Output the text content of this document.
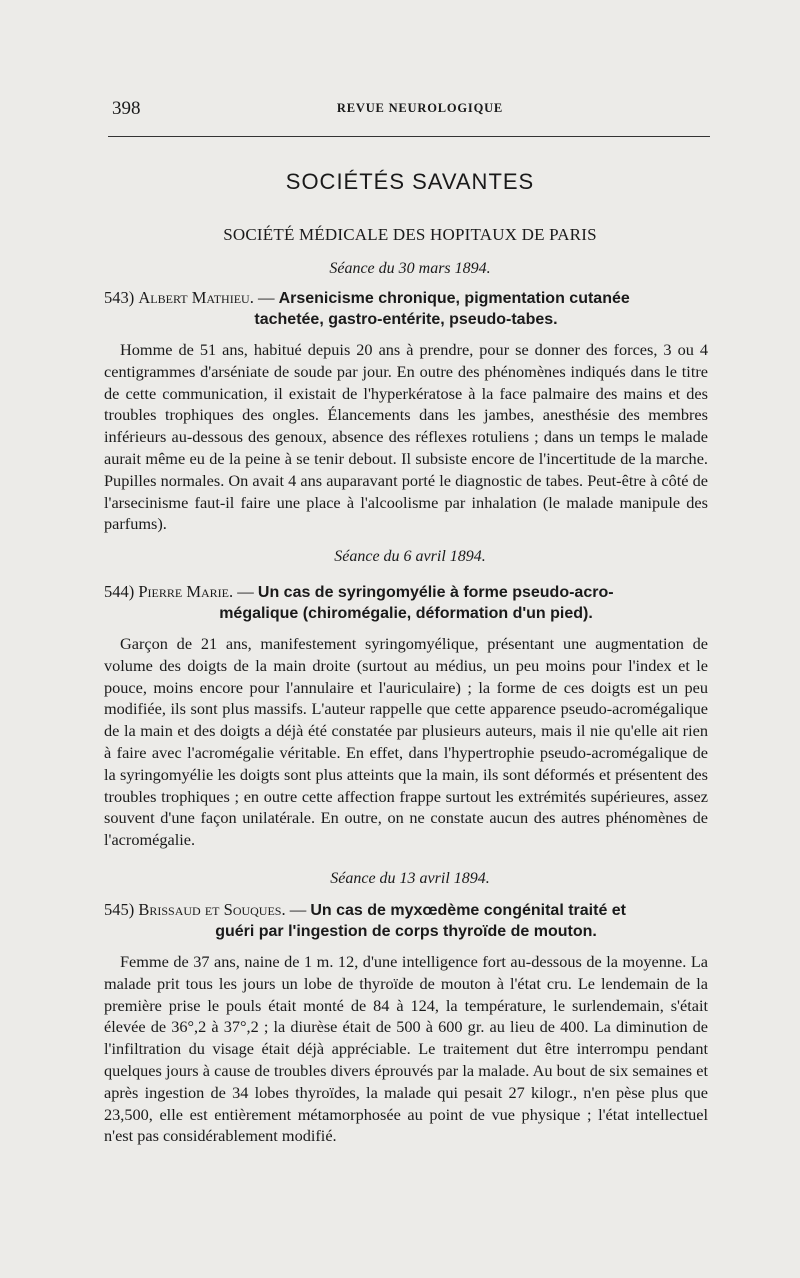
398	REVUE NEUROLOGIQUE
SOCIÉTÉS SAVANTES
SOCIÉTÉ MÉDICALE DES HOPITAUX DE PARIS
Séance du 30 mars 1894.
543) Albert Mathieu. — Arsenicisme chronique, pigmentation cutanée
tachetée, gastro-entérite, pseudo-tabes.
Homme de 51 ans, habitué depuis 20 ans à prendre, pour se donner des forces, 3 ou 4 centigrammes d'arséniate de soude par jour. En outre des phénomènes indiqués dans le titre de cette communication, il existait de l'hyperkératose à la face palmaire des mains et des troubles trophiques des ongles. Élancements dans les jambes, anesthésie des membres inférieurs au-dessous des genoux, absence des réflexes rotuliens ; dans un temps le malade aurait même eu de la peine à se tenir debout. Il subsiste encore de l'incertitude de la marche. Pupilles normales. On avait 4 ans auparavant porté le diagnostic de tabes. Peut-être à côté de l'arsecinisme faut-il faire une place à l'alcoolisme par inhalation (le malade manipule des parfums).
Séance du 6 avril 1894.
544) Pierre Marie. — Un cas de syringomyélie à forme pseudo-acro-
mégalique (chiromégalie, déformation d'un pied).
Garçon de 21 ans, manifestement syringomyélique, présentant une augmentation de volume des doigts de la main droite (surtout au médius, un peu moins pour l'index et le pouce, moins encore pour l'annulaire et l'auriculaire) ; la forme de ces doigts est un peu modifiée, ils sont plus massifs. L'auteur rappelle que cette apparence pseudo-acromégalique de la main et des doigts a déjà été constatée par plusieurs auteurs, mais il nie qu'elle ait rien à faire avec l'acromégalie véritable. En effet, dans l'hypertrophie pseudo-acromégalique de la syringomyélie les doigts sont plus atteints que la main, ils sont déformés et présentent des troubles trophiques ; en outre cette affection frappe surtout les extrémités supérieures, assez souvent d'une façon unilatérale. En outre, on ne constate aucun des autres phénomènes de l'acromégalie.
Séance du 13 avril 1894.
545) Brissaud et Souques. — Un cas de myxœdème congénital traité et
guéri par l'ingestion de corps thyroïde de mouton.
Femme de 37 ans, naine de 1 m. 12, d'une intelligence fort au-dessous de la moyenne. La malade prit tous les jours un lobe de thyroïde de mouton à l'état cru. Le lendemain de la première prise le pouls était monté de 84 à 124, la température, le surlendemain, s'était élevée de 36°,2 à 37°,2 ; la diurèse était de 500 à 600 gr. au lieu de 400. La diminution de l'infiltration du visage était déjà appréciable. Le traitement dut être interrompu pendant quelques jours à cause de troubles divers éprouvés par la malade. Au bout de six semaines et après ingestion de 34 lobes thyroïdes, la malade qui pesait 27 kilogr., n'en pèse plus que 23,500, elle est entièrement métamorphosée au point de vue physique ; l'état intellectuel n'est pas considérablement modifié.
